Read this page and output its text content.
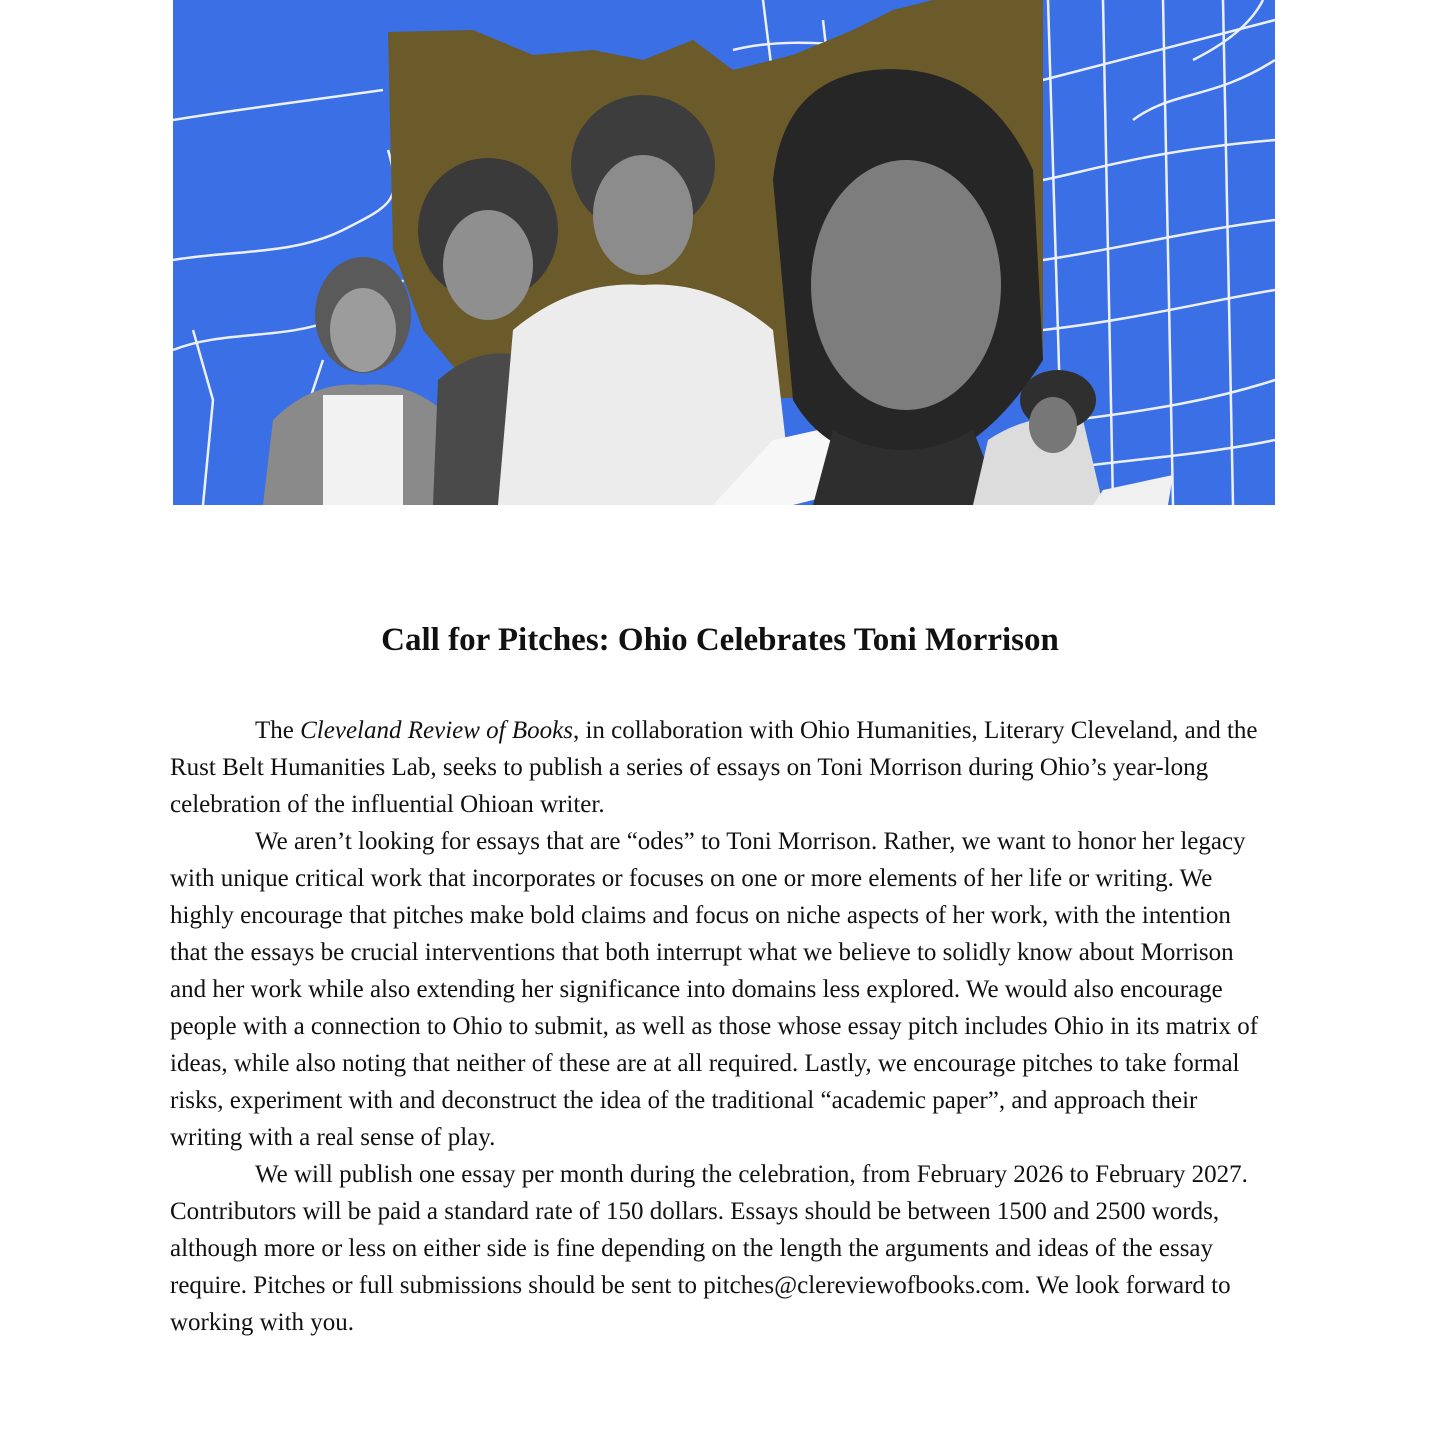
Call for Pitches: Ohio Celebrates Toni Morrison

The Cleveland Review of Books, in collaboration with Ohio Humanities, Literary Cleveland, and the Rust Belt Humanities Lab, seeks to publish a series of essays on Toni Morrison during Ohio’s year-long celebration of the influential Ohioan writer.

We aren’t looking for essays that are “odes” to Toni Morrison. Rather, we want to honor her legacy with unique critical work that incorporates or focuses on one or more elements of her life or writing. We highly encourage that pitches make bold claims and focus on niche aspects of her work, with the intention that the essays be crucial interventions that both interrupt what we believe to solidly know about Morrison and her work while also extending her significance into domains less explored. We would also encourage people with a connection to Ohio to submit, as well as those whose essay pitch includes Ohio in its matrix of ideas, while also noting that neither of these are at all required. Lastly, we encourage pitches to take formal risks, experiment with and deconstruct the idea of the traditional “academic paper”, and approach their writing with a real sense of play.

We will publish one essay per month during the celebration, from February 2026 to February 2027. Contributors will be paid a standard rate of 150 dollars. Essays should be between 1500 and 2500 words, although more or less on either side is fine depending on the length the arguments and ideas of the essay require. Pitches or full submissions should be sent to pitches@clereviewofbooks.com. We look forward to working with you.
